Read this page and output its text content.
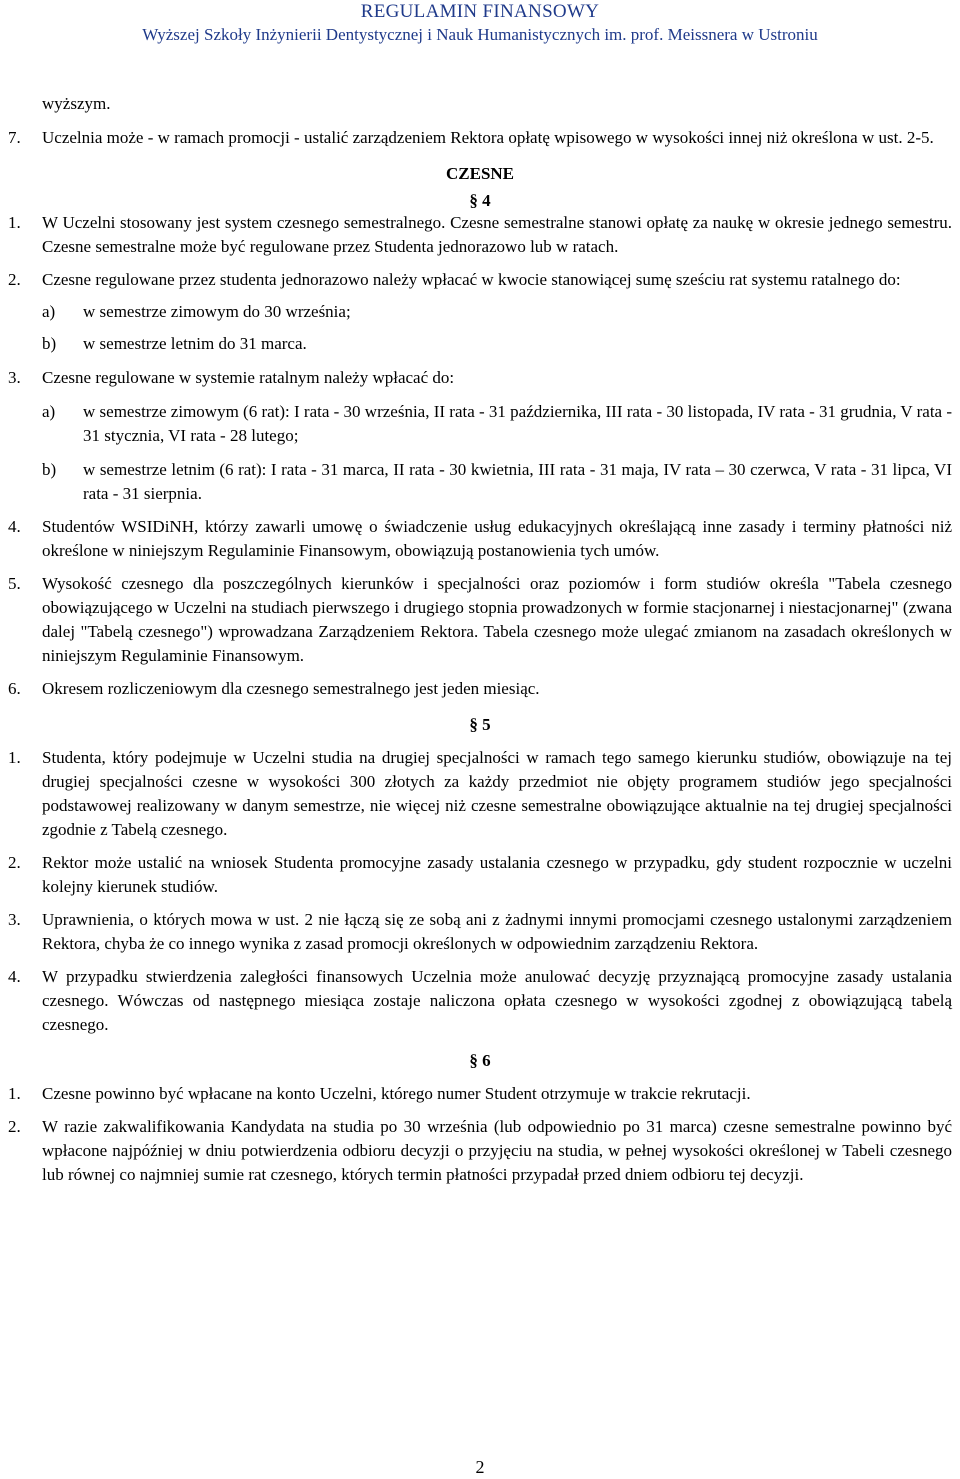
REGULAMIN FINANSOWY
Wyższej Szkoły Inżynierii Dentystycznej i Nauk Humanistycznych im. prof. Meissnera w Ustroniu
wyższym.
7. Uczelnia może - w ramach promocji - ustalić zarządzeniem Rektora opłatę wpisowego w wysokości innej niż określona w ust. 2-5.
CZESNE
§ 4
1. W Uczelni stosowany jest system czesnego semestralnego. Czesne semestralne stanowi opłatę za naukę w okresie jednego semestru. Czesne semestralne może być regulowane przez Studenta jednorazowo lub w ratach.
2. Czesne regulowane przez studenta jednorazowo należy wpłacać w kwocie stanowiącej sumę sześciu rat systemu ratalnego do:
a) w semestrze zimowym do 30 września;
b) w semestrze letnim do 31 marca.
3. Czesne regulowane w systemie ratalnym należy wpłacać do:
a) w semestrze zimowym (6 rat): I rata - 30 września, II rata - 31 października, III rata - 30 listopada, IV rata - 31 grudnia, V rata - 31 stycznia, VI rata - 28 lutego;
b) w semestrze letnim (6 rat): I rata - 31 marca, II rata - 30 kwietnia, III rata - 31 maja, IV rata – 30 czerwca, V rata - 31 lipca, VI rata - 31 sierpnia.
4. Studentów WSIDiNH, którzy zawarli umowę o świadczenie usług edukacyjnych określającą inne zasady i terminy płatności niż określone w niniejszym Regulaminie Finansowym, obowiązują postanowienia tych umów.
5. Wysokość czesnego dla poszczególnych kierunków i specjalności oraz poziomów i form studiów określa "Tabela czesnego obowiązującego w Uczelni na studiach pierwszego i drugiego stopnia prowadzonych w formie stacjonarnej i niestacjonarnej" (zwana dalej "Tabelą czesnego") wprowadzana Zarządzeniem Rektora. Tabela czesnego może ulegać zmianom na zasadach określonych w niniejszym Regulaminie Finansowym.
6. Okresem rozliczeniowym dla czesnego semestralnego jest jeden miesiąc.
§ 5
1. Studenta, który podejmuje w Uczelni studia na drugiej specjalności w ramach tego samego kierunku studiów, obowiązuje na tej drugiej specjalności czesne w wysokości 300 złotych za każdy przedmiot nie objęty programem studiów jego specjalności podstawowej realizowany w danym semestrze, nie więcej niż czesne semestralne obowiązujące aktualnie na tej drugiej specjalności zgodnie z Tabelą czesnego.
2. Rektor może ustalić na wniosek Studenta promocyjne zasady ustalania czesnego w przypadku, gdy student rozpocznie w uczelni kolejny kierunek studiów.
3. Uprawnienia, o których mowa w ust. 2 nie łączą się ze sobą ani z żadnymi innymi promocjami czesnego ustalonymi zarządzeniem Rektora, chyba że co innego wynika z zasad promocji określonych w odpowiednim zarządzeniu Rektora.
4. W przypadku stwierdzenia zaległości finansowych Uczelnia może anulować decyzję przyznającą promocyjne zasady ustalania czesnego. Wówczas od następnego miesiąca zostaje naliczona opłata czesnego w wysokości zgodnej z obowiązującą tabelą czesnego.
§ 6
1. Czesne powinno być wpłacane na konto Uczelni, którego numer Student otrzymuje w trakcie rekrutacji.
2. W razie zakwalifikowania Kandydata na studia po 30 września (lub odpowiednio po 31 marca) czesne semestralne powinno być wpłacone najpóźniej w dniu potwierdzenia odbioru decyzji o przyjęciu na studia, w pełnej wysokości określonej w Tabeli czesnego lub równej co najmniej sumie rat czesnego, których termin płatności przypadał przed dniem odbioru tej decyzji.
2
